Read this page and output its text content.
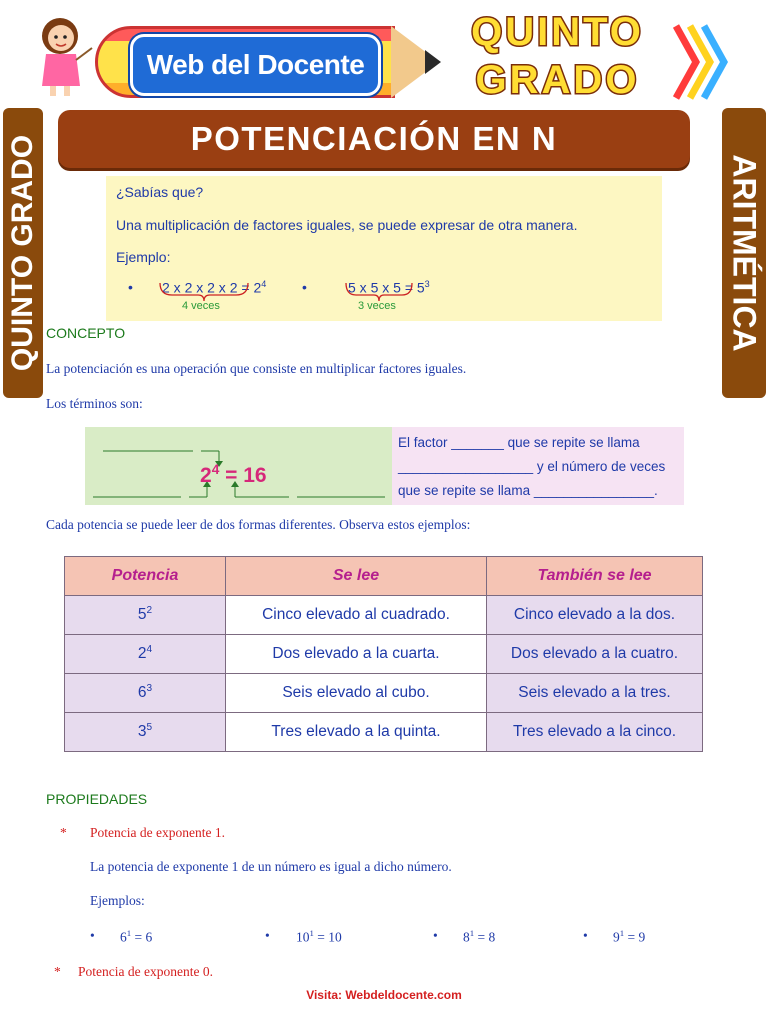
Web del Docente
QUINTO
GRADO
QUINTO GRADO	ARITMÉTICA
POTENCIACIÓN EN N
¿Sabías que?
Una multiplicación de factores iguales, se puede expresar de otra manera.
Ejemplo:
• 2 x 2 x 2 x $2 = 2^4$
4 veces
•	5 x 5 x $5 = 5^3$
3 veces
CONCEPTO
La potenciación es una operación que consiste en multiplicar factores iguales.
Los términos son:
$2^4 = 16$

El factor _______ que se repite se llama

__________________ y el número de veces

que se repite se llama ________________.

Cada potencia se puede leer de dos formas diferentes. Observa estos ejemplos:
Potencia	Se lee	También se lee
$5^2$	Cinco elevado al cuadrado.	Cinco elevado a la dos.
$2^4$	Dos elevado a la cuarta.	Dos elevado a la cuatro.
$6^3$	Seis elevado al cubo.	Seis elevado a la tres.
$3^5$	Tres elevado a la quinta.	Tres elevado a la cinco.
PROPIEDADES
* Potencia de exponente 1.
La potencia de exponente 1 de un número es igual a dicho número.
Ejemplos:
• $6^1 = 6$	• $10^1 = 10$	• $8^1 = 8$	• $9^1 = 9$
* Potencia de exponente 0.
Visita: Webdeldocente.com
